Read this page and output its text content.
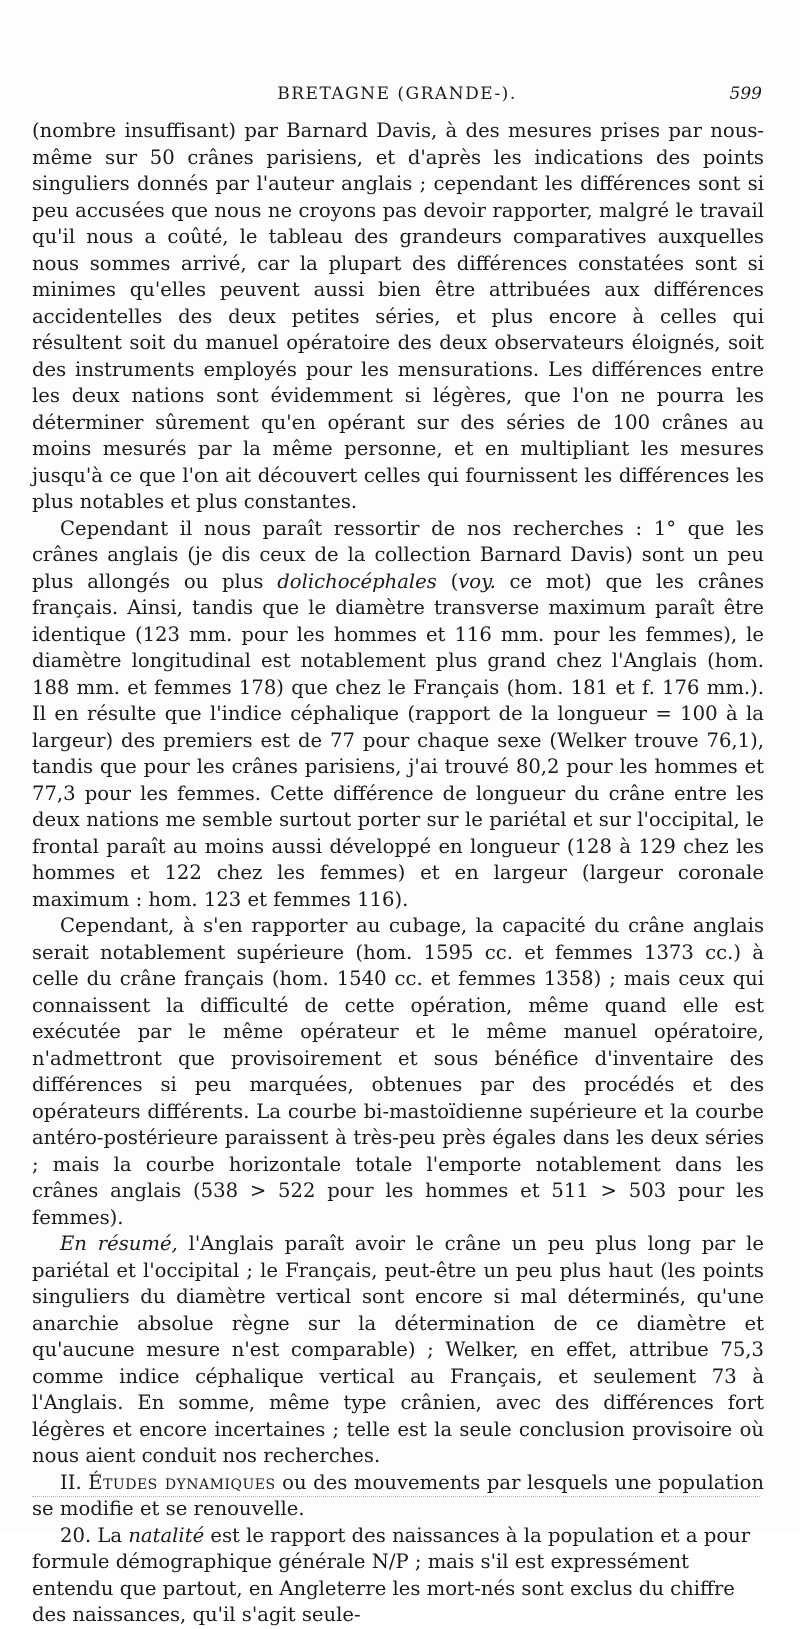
BRETAGNE (GRANDE-).	599

(nombre insuffisant) par Barnard Davis, à des mesures prises par nous-même sur 50 crânes parisiens, et d'après les indications des points singuliers donnés par l'auteur anglais ; cependant les différences sont si peu accusées que nous ne croyons pas devoir rapporter, malgré le travail qu'il nous a coûté, le tableau des grandeurs comparatives auxquelles nous sommes arrivé, car la plupart des différences constatées sont si minimes qu'elles peuvent aussi bien être attribuées aux différences accidentelles des deux petites séries, et plus encore à celles qui résultent soit du manuel opératoire des deux observateurs éloignés, soit des instruments employés pour les mensurations. Les différences entre les deux nations sont évidemment si légères, que l'on ne pourra les déterminer sûrement qu'en opérant sur des séries de 100 crânes au moins mesurés par la même personne, et en multipliant les mesures jusqu'à ce que l'on ait découvert celles qui fournissent les différences les plus notables et plus constantes.

Cependant il nous paraît ressortir de nos recherches : 1° que les crânes anglais (je dis ceux de la collection Barnard Davis) sont un peu plus allongés ou plus dolichocéphales (voy. ce mot) que les crânes français. Ainsi, tandis que le diamètre transverse maximum paraît être identique (123 mm. pour les hommes et 116 mm. pour les femmes), le diamètre longitudinal est notablement plus grand chez l'Anglais (hom. 188 mm. et femmes 178) que chez le Français (hom. 181 et f. 176 mm.). Il en résulte que l'indice céphalique (rapport de la longueur = 100 à la largeur) des premiers est de 77 pour chaque sexe (Welker trouve 76,1), tandis que pour les crânes parisiens, j'ai trouvé 80,2 pour les hommes et 77,3 pour les femmes. Cette différence de longueur du crâne entre les deux nations me semble surtout porter sur le pariétal et sur l'occipital, le frontal paraît au moins aussi développé en longueur (128 à 129 chez les hommes et 122 chez les femmes) et en largeur (largeur coronale maximum : hom. 123 et femmes 116).

Cependant, à s'en rapporter au cubage, la capacité du crâne anglais serait notablement supérieure (hom. 1595 cc. et femmes 1373 cc.) à celle du crâne français (hom. 1540 cc. et femmes 1358) ; mais ceux qui connaissent la difficulté de cette opération, même quand elle est exécutée par le même opérateur et le même manuel opératoire, n'admettront que provisoirement et sous bénéfice d'inventaire des différences si peu marquées, obtenues par des procédés et des opérateurs différents. La courbe bi-mastoïdienne supérieure et la courbe antéro-postérieure paraissent à très-peu près égales dans les deux séries ; mais la courbe horizontale totale l'emporte notablement dans les crânes anglais (538 > 522 pour les hommes et 511 > 503 pour les femmes).

En résumé, l'Anglais paraît avoir le crâne un peu plus long par le pariétal et l'occipital ; le Français, peut-être un peu plus haut (les points singuliers du diamètre vertical sont encore si mal déterminés, qu'une anarchie absolue règne sur la détermination de ce diamètre et qu'aucune mesure n'est comparable) ; Welker, en effet, attribue 75,3 comme indice céphalique vertical au Français, et seulement 73 à l'Anglais. En somme, même type crânien, avec des différences fort légères et encore incertaines ; telle est la seule conclusion provisoire où nous aient conduit nos recherches.

II. Études dynamiques ou des mouvements par lesquels une population se modifie et se renouvelle.

20. La natalité est le rapport des naissances à la population et a pour formule démographique générale N/P ; mais s'il est expressément entendu que partout, en Angleterre les mort-nés sont exclus du chiffre des naissances, qu'il s'agit seule-
